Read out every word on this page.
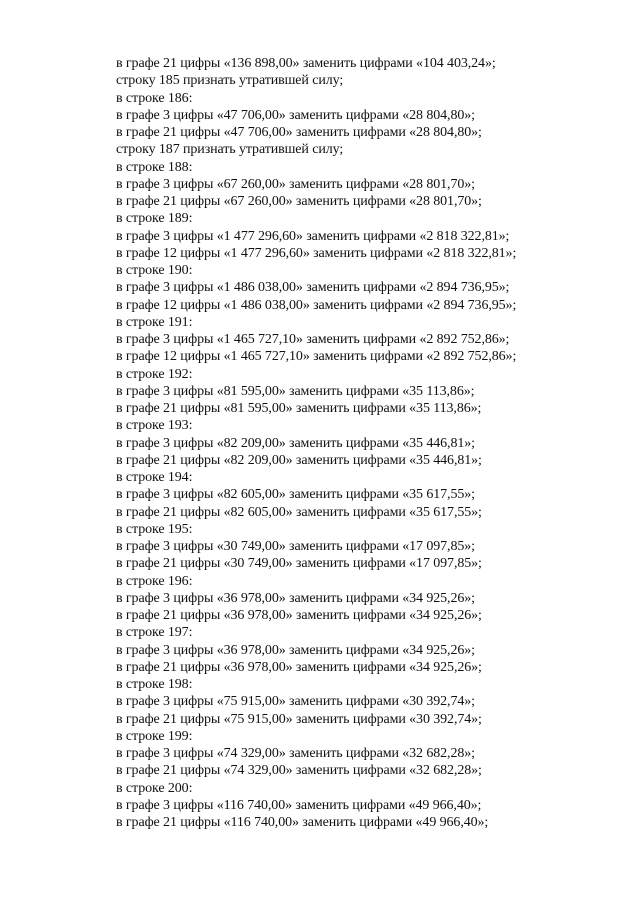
в графе 21 цифры «136 898,00» заменить цифрами «104 403,24»;
строку 185 признать утратившей силу;
в строке 186:
в графе 3 цифры «47 706,00» заменить цифрами «28 804,80»;
в графе 21 цифры «47 706,00» заменить цифрами «28 804,80»;
строку 187 признать утратившей силу;
в строке 188:
в графе 3 цифры «67 260,00» заменить цифрами «28 801,70»;
в графе 21 цифры «67 260,00» заменить цифрами «28 801,70»;
в строке 189:
в графе 3 цифры «1 477 296,60» заменить цифрами «2 818 322,81»;
в графе 12 цифры «1 477 296,60» заменить цифрами «2 818 322,81»;
в строке 190:
в графе 3 цифры «1 486 038,00» заменить цифрами «2 894 736,95»;
в графе 12 цифры «1 486 038,00» заменить цифрами «2 894 736,95»;
в строке 191:
в графе 3 цифры «1 465 727,10» заменить цифрами «2 892 752,86»;
в графе 12 цифры «1 465 727,10» заменить цифрами «2 892 752,86»;
в строке 192:
в графе 3 цифры «81 595,00» заменить цифрами «35 113,86»;
в графе 21 цифры «81 595,00» заменить цифрами «35 113,86»;
в строке 193:
в графе 3 цифры «82 209,00» заменить цифрами «35 446,81»;
в графе 21 цифры «82 209,00» заменить цифрами «35 446,81»;
в строке 194:
в графе 3 цифры «82 605,00» заменить цифрами «35 617,55»;
в графе 21 цифры «82 605,00» заменить цифрами «35 617,55»;
в строке 195:
в графе 3 цифры «30 749,00» заменить цифрами «17 097,85»;
в графе 21 цифры «30 749,00» заменить цифрами «17 097,85»;
в строке 196:
в графе 3 цифры «36 978,00» заменить цифрами «34 925,26»;
в графе 21 цифры «36 978,00» заменить цифрами «34 925,26»;
в строке 197:
в графе 3 цифры «36 978,00» заменить цифрами «34 925,26»;
в графе 21 цифры «36 978,00» заменить цифрами «34 925,26»;
в строке 198:
в графе 3 цифры «75 915,00» заменить цифрами «30 392,74»;
в графе 21 цифры «75 915,00» заменить цифрами «30 392,74»;
в строке 199:
в графе 3 цифры «74 329,00» заменить цифрами «32 682,28»;
в графе 21 цифры «74 329,00» заменить цифрами «32 682,28»;
в строке 200:
в графе 3 цифры «116 740,00» заменить цифрами «49 966,40»;
в графе 21 цифры «116 740,00» заменить цифрами «49 966,40»;
